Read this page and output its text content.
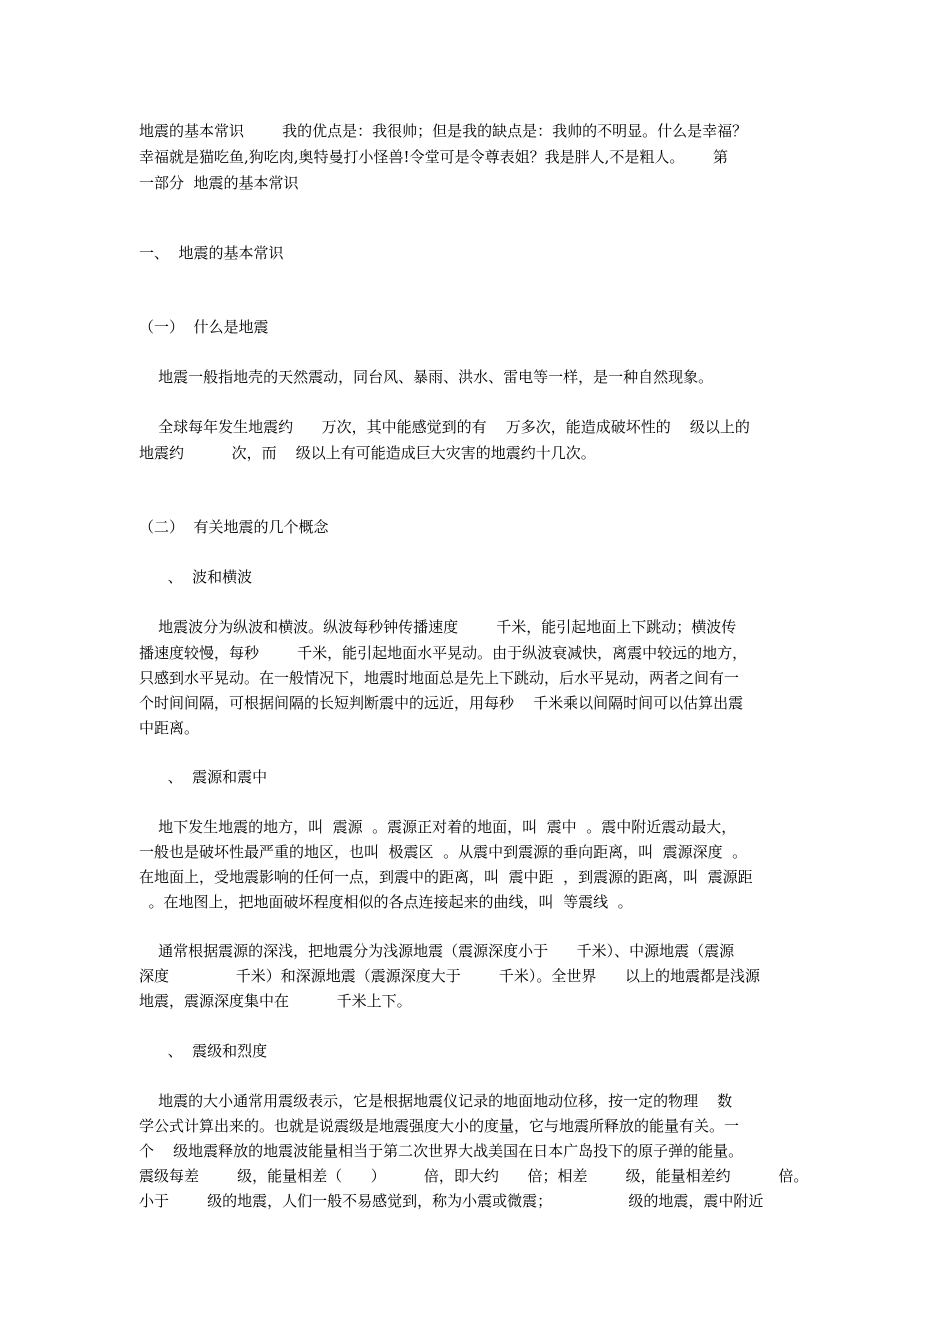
地震的基本常识        我的优点是：我很帅；但是我的缺点是：我帅的不明显。什么是幸福？
幸福就是猫吃鱼,狗吃肉,奥特曼打小怪兽!令堂可是令尊表姐？我是胖人,不是粗人。      第
一部分  地震的基本常识
一、  地震的基本常识
（一）  什么是地震
地震一般指地壳的天然震动，同台风、暴雨、洪水、雷电等一样，是一种自然现象。
全球每年发生地震约      万次，其中能感觉到的有    万多次，能造成破坏性的    级以上的
地震约          次，而    级以上有可能造成巨大灾害的地震约十几次。
（二）  有关地震的几个概念
、  波和横波
地震波分为纵波和横波。纵波每秒钟传播速度        千米，能引起地面上下跳动；横波传
播速度较慢，每秒        千米，能引起地面水平晃动。由于纵波衰减快，离震中较远的地方，
只感到水平晃动。在一般情况下，地震时地面总是先上下跳动，后水平晃动，两者之间有一
个时间间隔，可根据间隔的长短判断震中的远近，用每秒    千米乘以间隔时间可以估算出震
中距离。
、  震源和震中
地下发生地震的地方，叫  震源  。震源正对着的地面，叫  震中  。震中附近震动最大，
一般也是破坏性最严重的地区，也叫  极震区  。从震中到震源的垂向距离，叫  震源深度  。
在地面上，受地震影响的任何一点，到震中的距离，叫  震中距  ，到震源的距离，叫  震源距
。在地图上，把地面破坏程度相似的各点连接起来的曲线，叫  等震线  。
通常根据震源的深浅，把地震分为浅源地震（震源深度小于      千米）、中源地震（震源
深度              千米）和深源地震（震源深度大于        千米）。全世界      以上的地震都是浅源
地震，震源深度集中在          千米上下。
、  震级和烈度
地震的大小通常用震级表示，它是根据地震仪记录的地面地动位移，按一定的物理    数
学公式计算出来的。也就是说震级是地震强度大小的度量，它与地震所释放的能量有关。一
个    级地震释放的地震波能量相当于第二次世界大战美国在日本广岛投下的原子弹的能量。
震级每差        级，能量相差（      ）        倍，即大约      倍；相差        级，能量相差约          倍。
小于        级的地震，人们一般不易感觉到，称为小震或微震；                级的地震，震中附近
